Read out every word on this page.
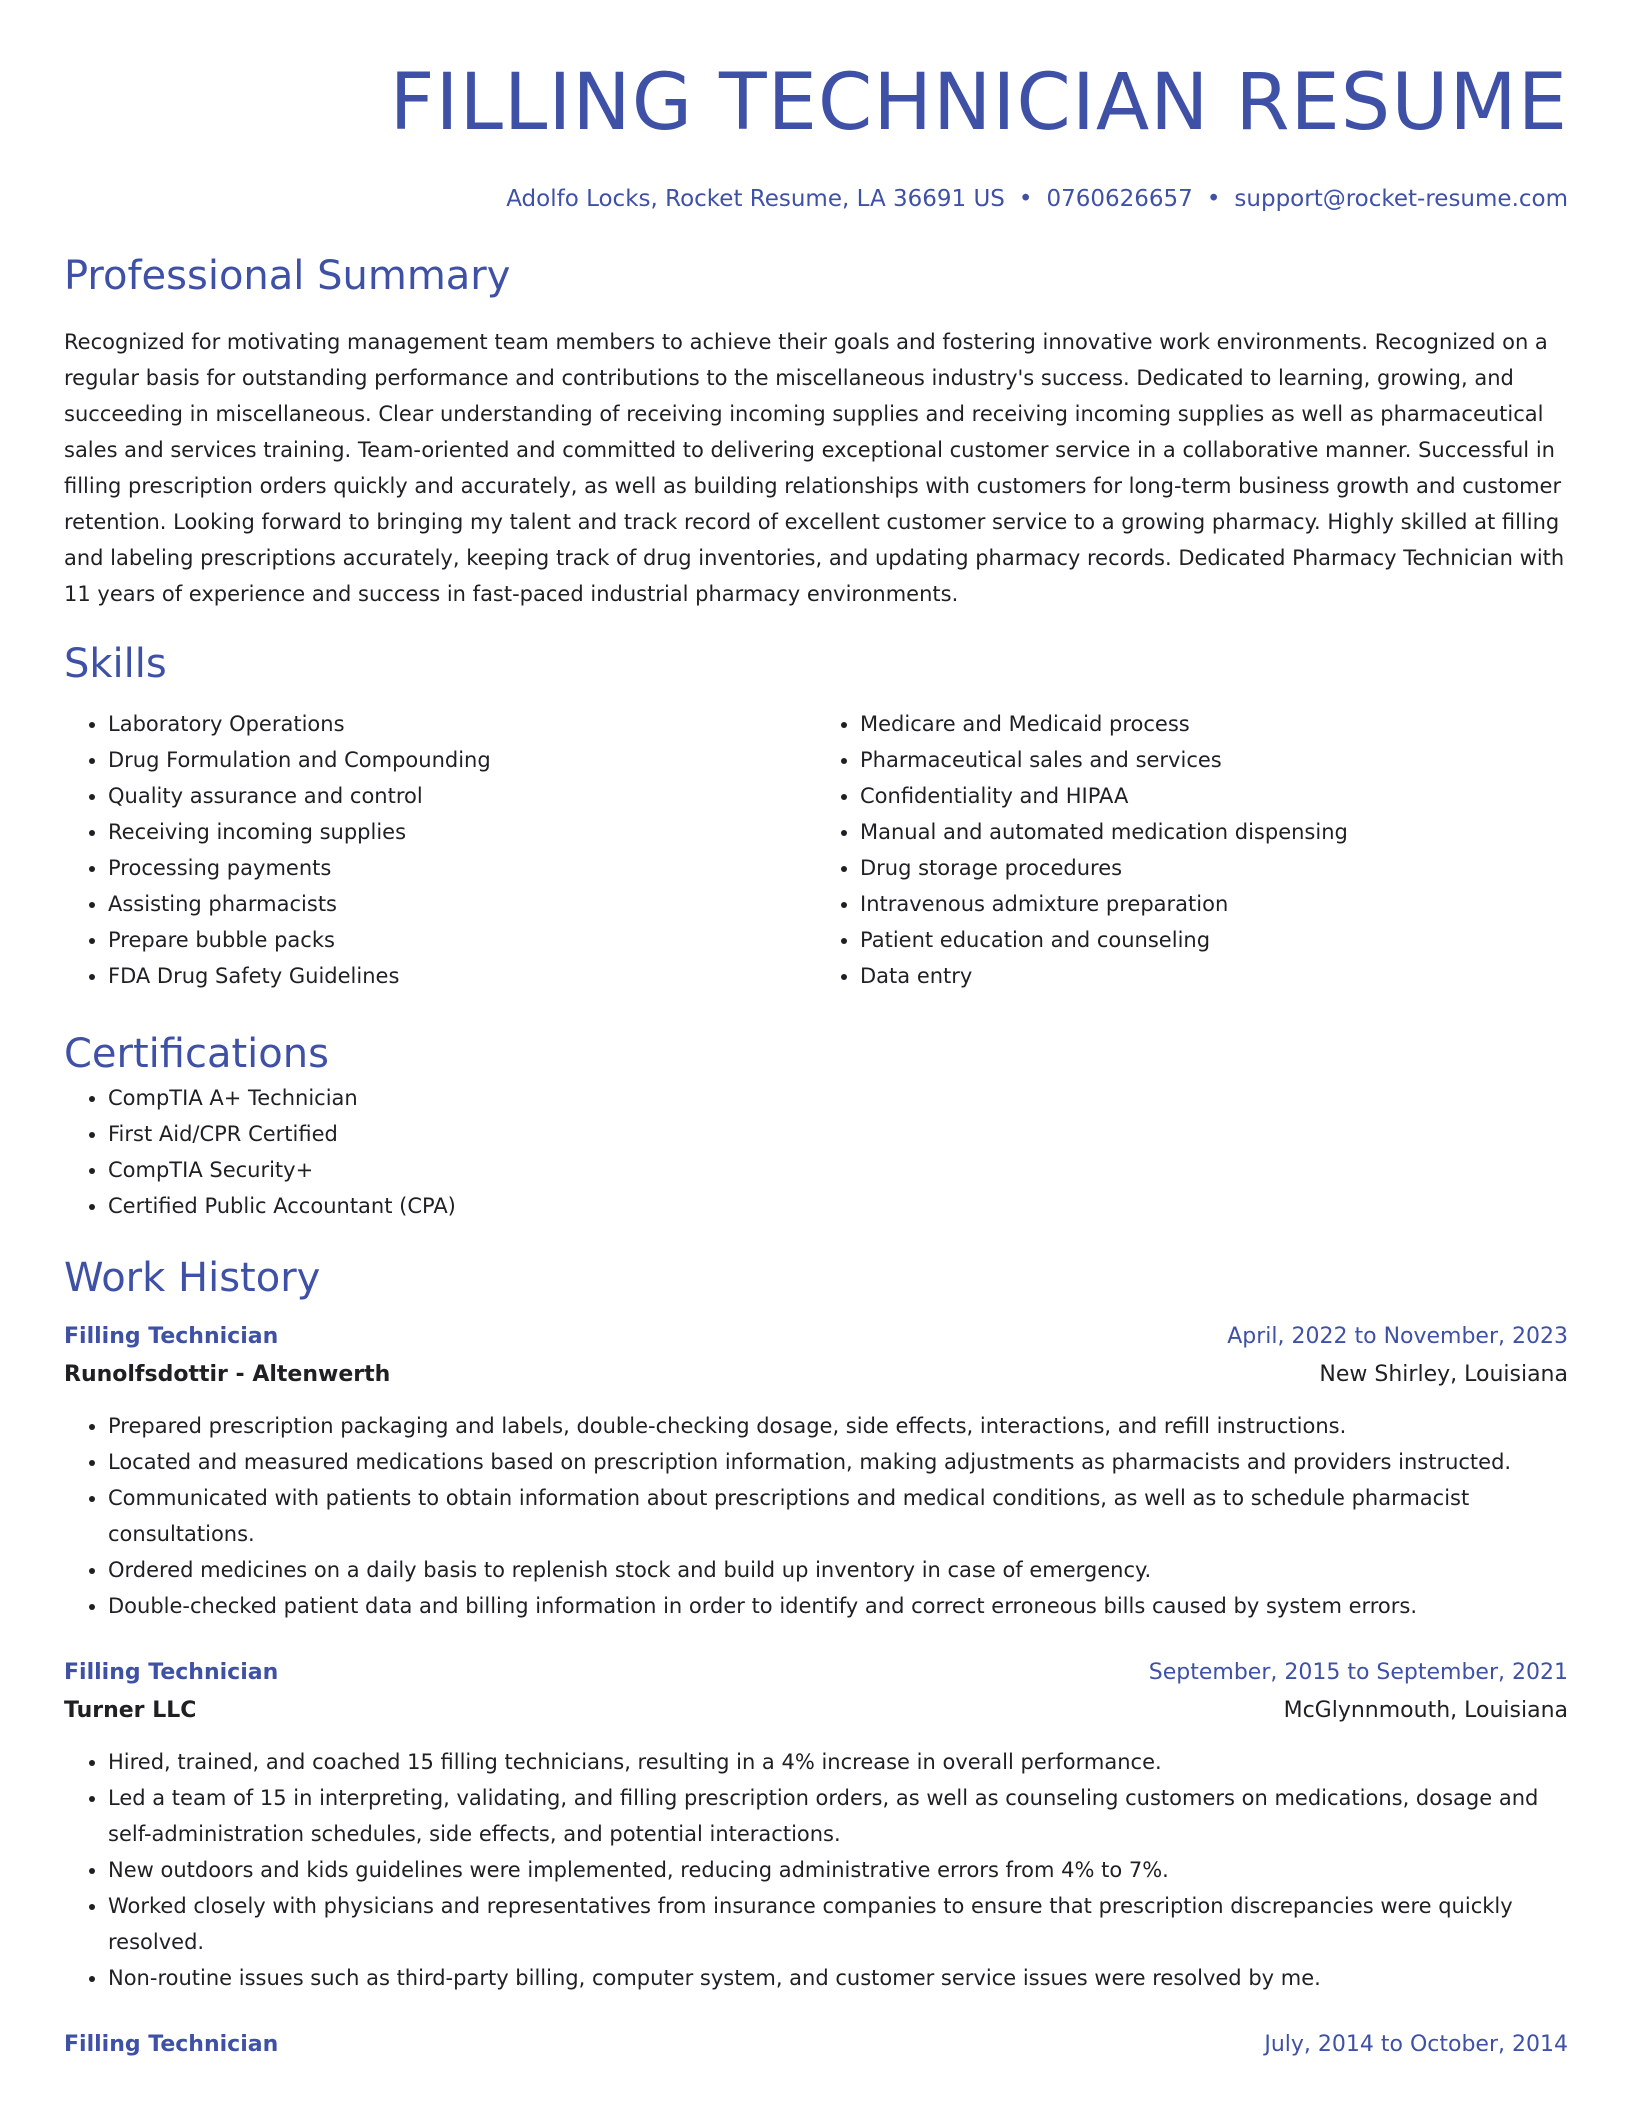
FILLING TECHNICIAN RESUME
Adolfo Locks, Rocket Resume, LA 36691 US • 0760626657 • support@rocket-resume.com
Professional Summary
Recognized for motivating management team members to achieve their goals and fostering innovative work environments. Recognized on a regular basis for outstanding performance and contributions to the miscellaneous industry's success. Dedicated to learning, growing, and succeeding in miscellaneous. Clear understanding of receiving incoming supplies and receiving incoming supplies as well as pharmaceutical sales and services training. Team-oriented and committed to delivering exceptional customer service in a collaborative manner. Successful in filling prescription orders quickly and accurately, as well as building relationships with customers for long-term business growth and customer retention. Looking forward to bringing my talent and track record of excellent customer service to a growing pharmacy. Highly skilled at filling and labeling prescriptions accurately, keeping track of drug inventories, and updating pharmacy records. Dedicated Pharmacy Technician with 11 years of experience and success in fast-paced industrial pharmacy environments.
Skills
• Laboratory Operations
• Drug Formulation and Compounding
• Quality assurance and control
• Receiving incoming supplies
• Processing payments
• Assisting pharmacists
• Prepare bubble packs
• FDA Drug Safety Guidelines
• Medicare and Medicaid process
• Pharmaceutical sales and services
• Confidentiality and HIPAA
• Manual and automated medication dispensing
• Drug storage procedures
• Intravenous admixture preparation
• Patient education and counseling
• Data entry
Certifications
• CompTIA A+ Technician
• First Aid/CPR Certified
• CompTIA Security+
• Certified Public Accountant (CPA)
Work History
Filling Technician	April, 2022 to November, 2023
Runolfsdottir - Altenwerth	New Shirley, Louisiana
• Prepared prescription packaging and labels, double-checking dosage, side effects, interactions, and refill instructions.
• Located and measured medications based on prescription information, making adjustments as pharmacists and providers instructed.
• Communicated with patients to obtain information about prescriptions and medical conditions, as well as to schedule pharmacist consultations.
• Ordered medicines on a daily basis to replenish stock and build up inventory in case of emergency.
• Double-checked patient data and billing information in order to identify and correct erroneous bills caused by system errors.
Filling Technician	September, 2015 to September, 2021
Turner LLC	McGlynnmouth, Louisiana
• Hired, trained, and coached 15 filling technicians, resulting in a 4% increase in overall performance.
• Led a team of 15 in interpreting, validating, and filling prescription orders, as well as counseling customers on medications, dosage and self-administration schedules, side effects, and potential interactions.
• New outdoors and kids guidelines were implemented, reducing administrative errors from 4% to 7%.
• Worked closely with physicians and representatives from insurance companies to ensure that prescription discrepancies were quickly resolved.
• Non-routine issues such as third-party billing, computer system, and customer service issues were resolved by me.
Filling Technician	July, 2014 to October, 2014
